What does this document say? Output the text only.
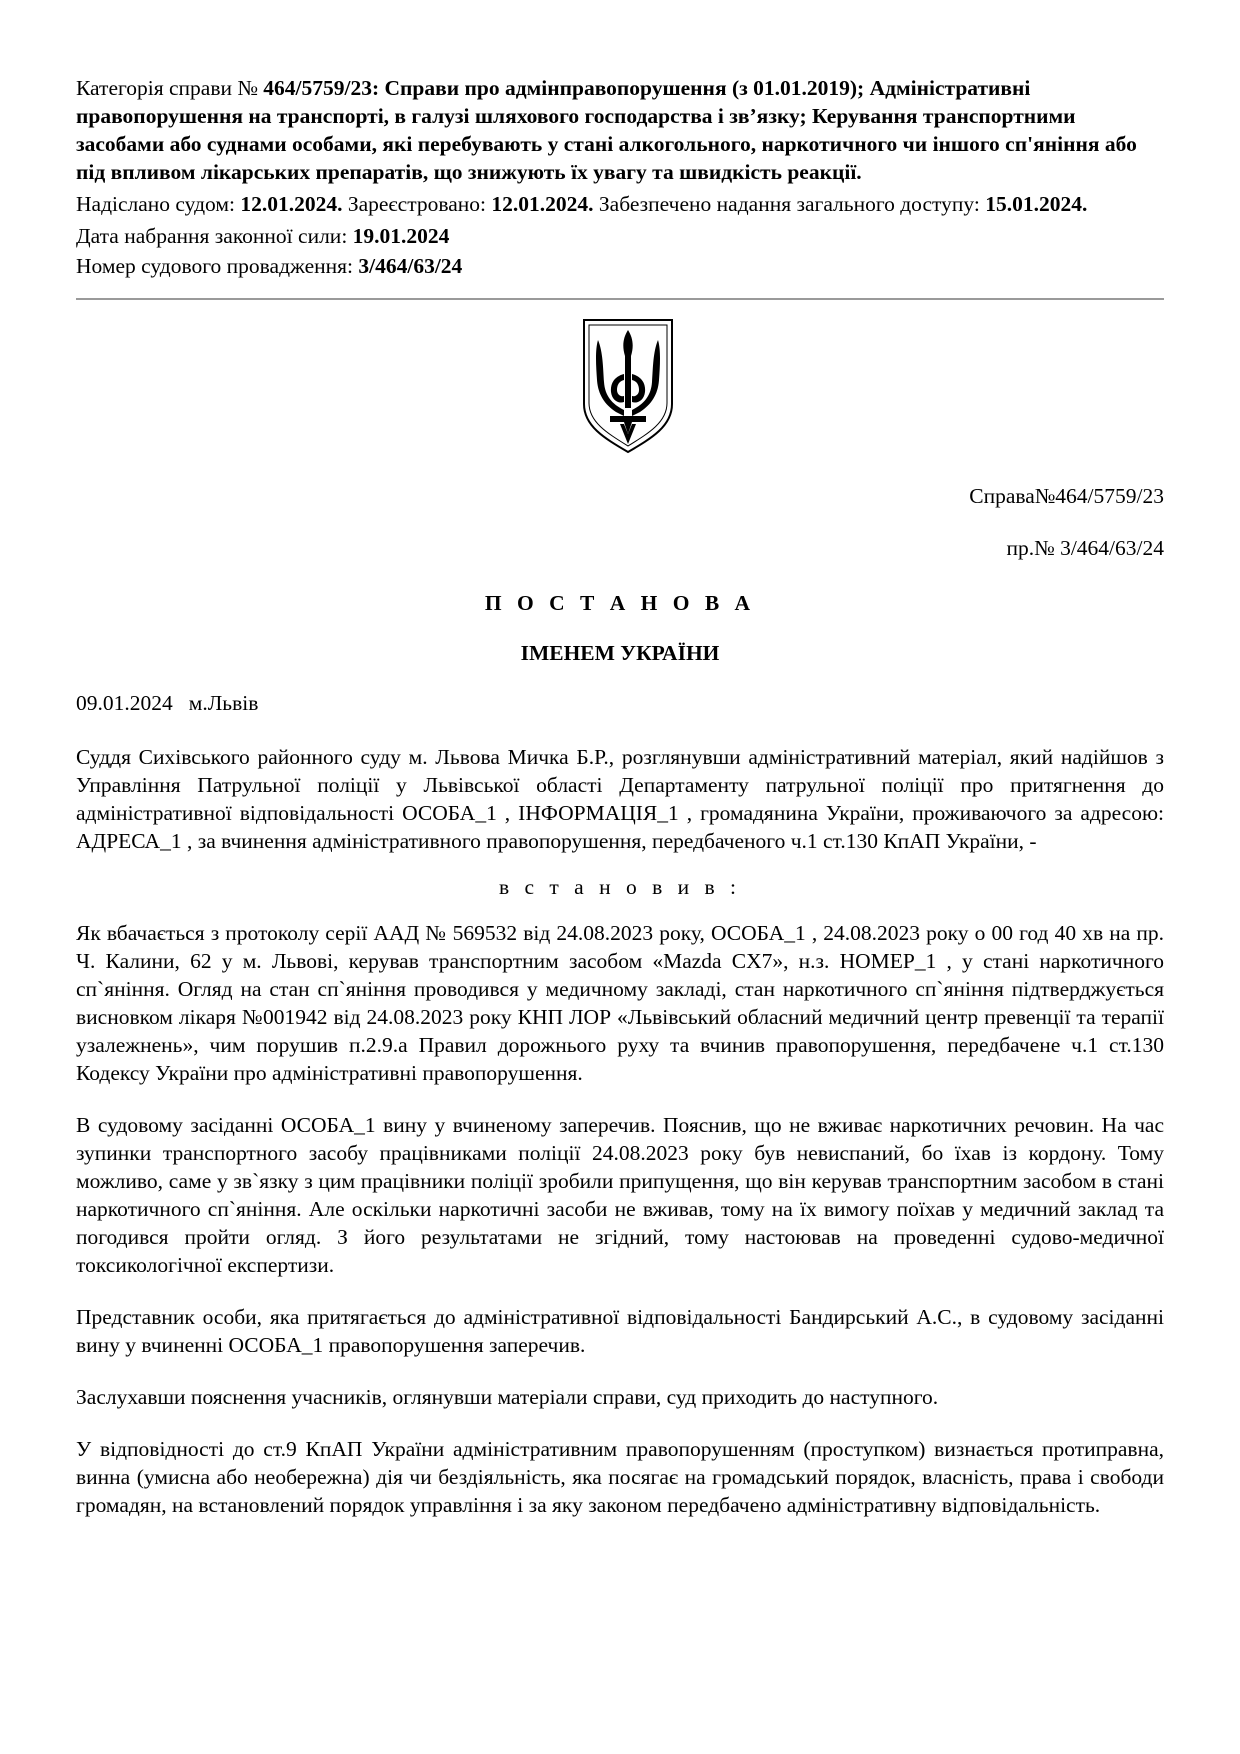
Категорія справи № 464/5759/23: Справи про адмінправопорушення (з 01.01.2019); Адміністративні правопорушення на транспорті, в галузі шляхового господарства і зв’язку; Керування транспортними засобами або суднами особами, які перебувають у стані алкогольного, наркотичного чи іншого сп'яніння або під впливом лікарських препаратів, що знижують їх увагу та швидкість реакції.

Надіслано судом: 12.01.2024. Зареєстровано: 12.01.2024. Забезпечено надання загального доступу: 15.01.2024.

Дата набрання законної сили: 19.01.2024

Номер судового провадження: 3/464/63/24

Справа№464/5759/23

пр.№ 3/464/63/24

П О С Т А Н О В А

ІМЕНЕМ УКРАЇНИ

09.01.2024 м.Львів

Суддя Сихівського районного суду м. Львова Мичка Б.Р., розглянувши адміністративний матеріал, який надійшов з Управління Патрульної поліції у Львівської області Департаменту патрульної поліції про притягнення до адміністративної відповідальності ОСОБА_1 , ІНФОРМАЦІЯ_1 , громадянина України, проживаючого за адресою: АДРЕСА_1 , за вчинення адміністративного правопорушення, передбаченого ч.1 ст.130 КпАП України, -

в с т а н о в и в :

Як вбачається з протоколу серії ААД № 569532 від 24.08.2023 року, ОСОБА_1 , 24.08.2023 року о 00 год 40 хв на пр. Ч. Калини, 62 у м. Львові, керував транспортним засобом «Mazda CX7», н.з. НОМЕР_1 , у стані наркотичного сп`яніння. Огляд на стан сп`яніння проводився у медичному закладі, стан наркотичного сп`яніння підтверджується висновком лікаря №001942 від 24.08.2023 року КНП ЛОР «Львівський обласний медичний центр превенції та терапії узалежнень», чим порушив п.2.9.а Правил дорожнього руху та вчинив правопорушення, передбачене ч.1 ст.130 Кодексу України про адміністративні правопорушення.

В судовому засіданні ОСОБА_1 вину у вчиненому заперечив. Пояснив, що не вживає наркотичних речовин. На час зупинки транспортного засобу працівниками поліції 24.08.2023 року був невиспаний, бо їхав із кордону. Тому можливо, саме у зв`язку з цим працівники поліції зробили припущення, що він керував транспортним засобом в стані наркотичного сп`яніння. Але оскільки наркотичні засоби не вживав, тому на їх вимогу поїхав у медичний заклад та погодився пройти огляд. З його результатами не згідний, тому настоював на проведенні судово-медичної токсикологічної експертизи.

Представник особи, яка притягається до адміністративної відповідальності Бандирський А.С., в судовому засіданні вину у вчиненні ОСОБА_1 правопорушення заперечив.

Заслухавши пояснення учасників, оглянувши матеріали справи, суд приходить до наступного.

У відповідності до ст.9 КпАП України адміністративним правопорушенням (проступком) визнається протиправна, винна (умисна або необережна) дія чи бездіяльність, яка посягає на громадський порядок, власність, права і свободи громадян, на встановлений порядок управління і за яку законом передбачено адміністративну відповідальність.
